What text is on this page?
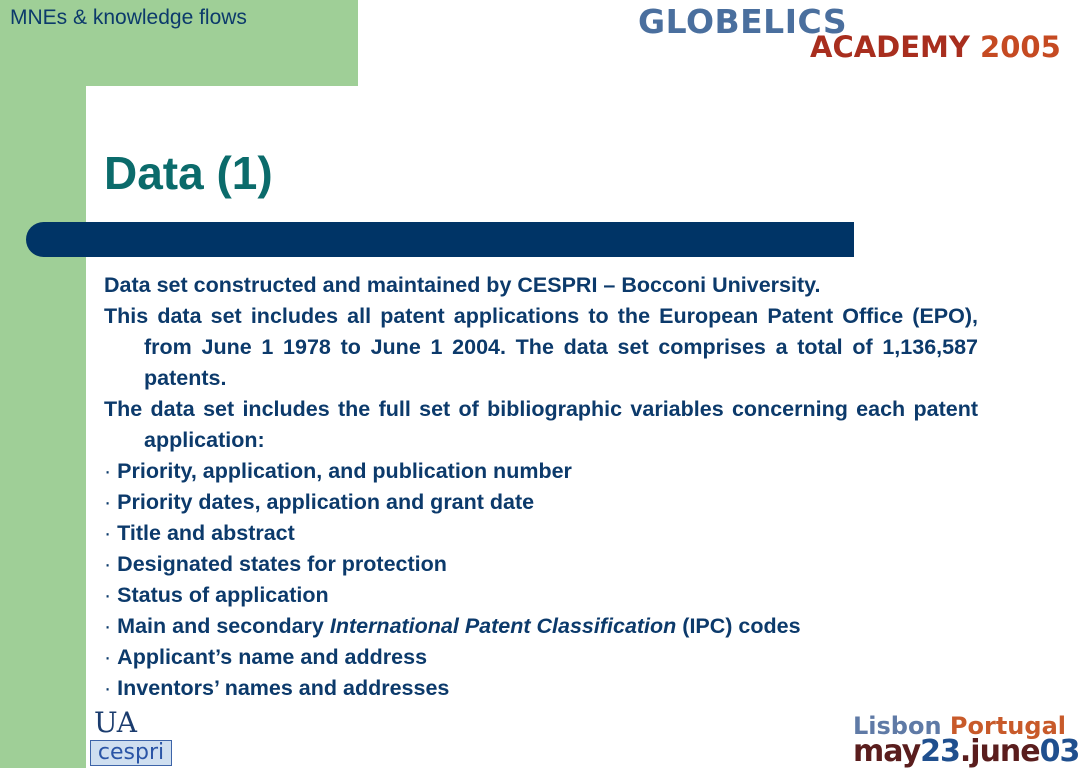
MNEs & knowledge flows	GLOBELICS
ACADEMY 2005
Data (1)

Data set constructed and maintained by CESPRI – Bocconi University.

This data set includes all patent applications to the European Patent Office (EPO), from June 1 1978 to June 1 2004. The data set comprises a total of 1,136,587 patents.

The data set includes the full set of bibliographic variables concerning each patent application:

· Priority, application, and publication number

· Priority dates, application and grant date

· Title and abstract

· Designated states for protection

· Status of application

· Main and secondary International Patent Classification (IPC) codes

· Applicant’s name and address

· Inventors’ names and addresses

UA
cespri
Lisbon Portugal
may23.june03
